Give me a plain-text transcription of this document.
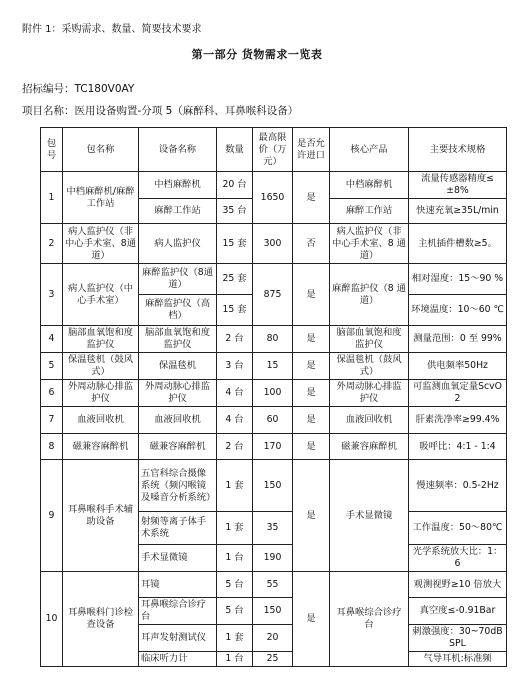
附件 1：采购需求、数量、简要技术要求
第一部分 货物需求一览表
招标编号：TC180V0AY
项目名称：医用设备购置-分项 5（麻醉科、耳鼻喉科设备）
包号	包名称	设备名称	数量	最高限价（万元）	是否允许进口	核心产品	主要技术规格
1	中档麻醉机/麻醉工作站	中档麻醉机	20 台	1650	是	中档麻醉机	流量传感器精度≤±8%
		麻醉工作站	35 台			麻醉工作站	快速充氧≥35L/min
2	病人监护仪（非中心手术室、8通道）	病人监护仪	15 套	300	否	病人监护仪（非中心手术室、8 通道）	主机插件槽数≥5。
3	病人监护仪（中心手术室）	麻醉监护仪（8通道）	25 套	875	是	麻醉监护仪（8 通道）	相对湿度：15～90 %
		麻醉监护仪（高档）	15 套				环境温度：10～60 ℃
4	脑部血氧饱和度监护仪	脑部血氧饱和度监护仪	2 台	80	是	脑部血氧饱和度监护仪	测量范围：0 至 99%
5	保温毯机（鼓风式）	保温毯机	3 台	15	是	保温毯机（鼓风式）	供电频率50Hz
6	外周动脉心排监护仪	外周动脉心排监护仪	4 台	100	是	外周动脉心排监护仪	可监测血氧定量ScvO2
7	血液回收机	血液回收机	4 台	60	是	血液回收机	肝素洗净率≥99.4%
8	磁兼容麻醉机	磁兼容麻醉机	2 台	170	是	磁兼容麻醉机	吸呼比：4:1 - 1:4
9	耳鼻喉科手术辅助设备	五官科综合摄像系统（频闪喉镜及嗓音分析系统）	1 套	150	是	手术显微镜	慢速频率：0.5-2Hz
		射频等离子体手术系统	1 套	35			工作温度：50～80℃
		手术显微镜	1 台	190			光学系统放大比：1：6
10	耳鼻喉科门诊检查设备	耳镜	5 台	55	是	耳鼻喉综合诊疗台	观测视野≥10 倍放大
		耳鼻喉综合诊疗台	5 台	150			真空度≤-0.91Bar
		耳声发射测试仪	1 套	20			刺激强度：30~70dB SPL
		临床听力计	1 台	25			气导耳机:标准频
